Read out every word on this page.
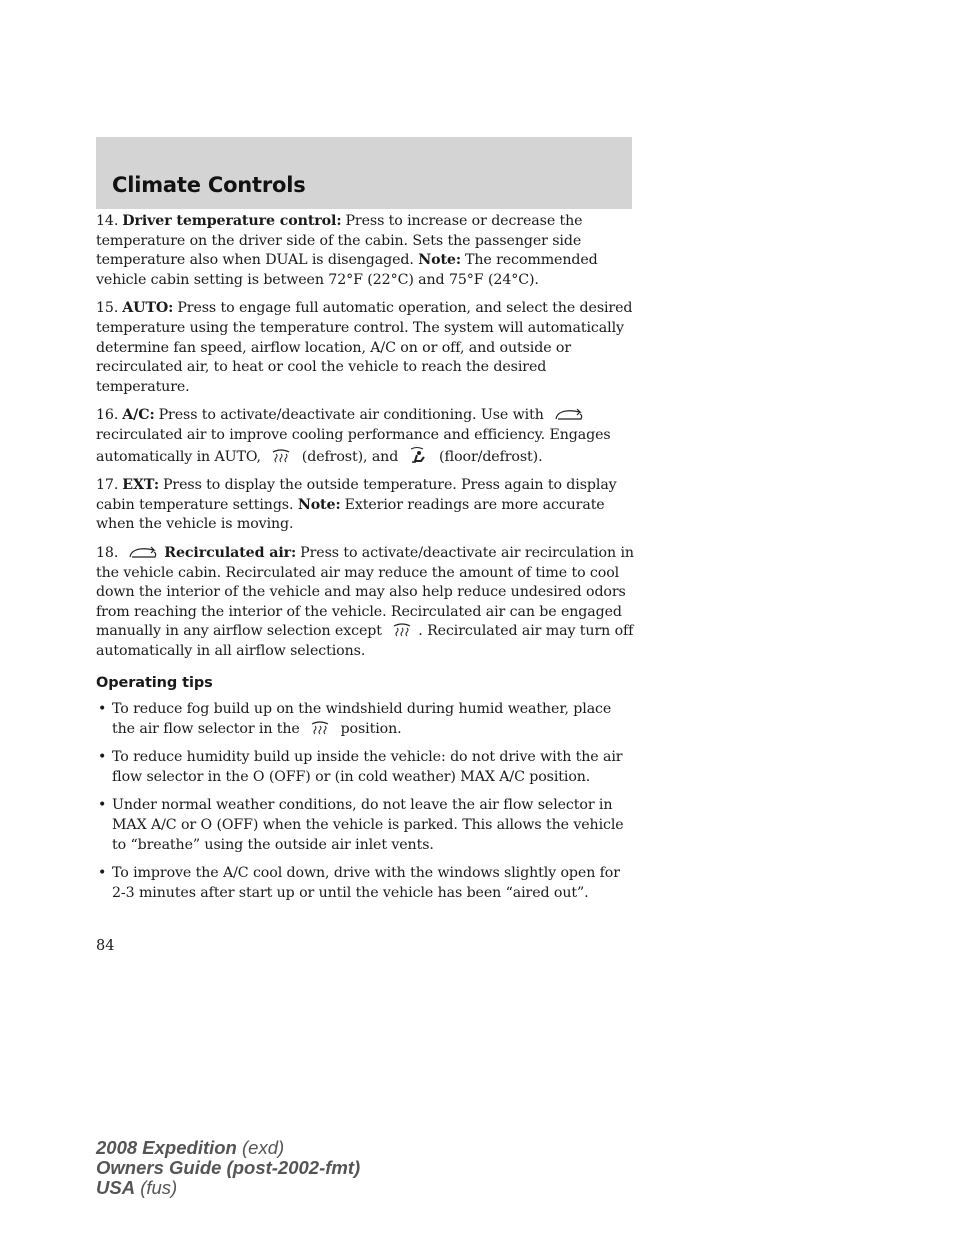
Climate Controls

14. Driver temperature control: Press to increase or decrease the temperature on the driver side of the cabin. Sets the passenger side temperature also when DUAL is disengaged. Note: The recommended vehicle cabin setting is between 72°F (22°C) and 75°F (24°C).

15. AUTO: Press to engage full automatic operation, and select the desired temperature using the temperature control. The system will automatically determine fan speed, airflow location, A/C on or off, and outside or recirculated air, to heat or cool the vehicle to reach the desired temperature.

16. A/C: Press to activate/deactivate air conditioning. Use with
recirculated air to improve cooling performance and efficiency. Engages automatically in AUTO,	(defrost), and	(floor/defrost).

17. EXT: Press to display the outside temperature. Press again to display cabin temperature settings. Note: Exterior readings are more accurate when the vehicle is moving.

18.	Recirculated air: Press to activate/deactivate air recirculation in the vehicle cabin. Recirculated air may reduce the amount of time to cool down the interior of the vehicle and may also help reduce undesired odors from reaching the interior of the vehicle. Recirculated air can be engaged manually in any airflow selection except	. Recirculated air may turn off automatically in all airflow selections.

Operating tips
• To reduce fog build up on the windshield during humid weather, place the air flow selector in the	position.
• To reduce humidity build up inside the vehicle: do not drive with the air flow selector in the O (OFF) or (in cold weather) MAX A/C position.
• Under normal weather conditions, do not leave the air flow selector in MAX A/C or O (OFF) when the vehicle is parked. This allows the vehicle to “breathe” using the outside air inlet vents.
• To improve the A/C cool down, drive with the windows slightly open for 2-3 minutes after start up or until the vehicle has been “aired out”.
84
2008 Expedition (exd)
Owners Guide (post-2002-fmt)
USA (fus)
